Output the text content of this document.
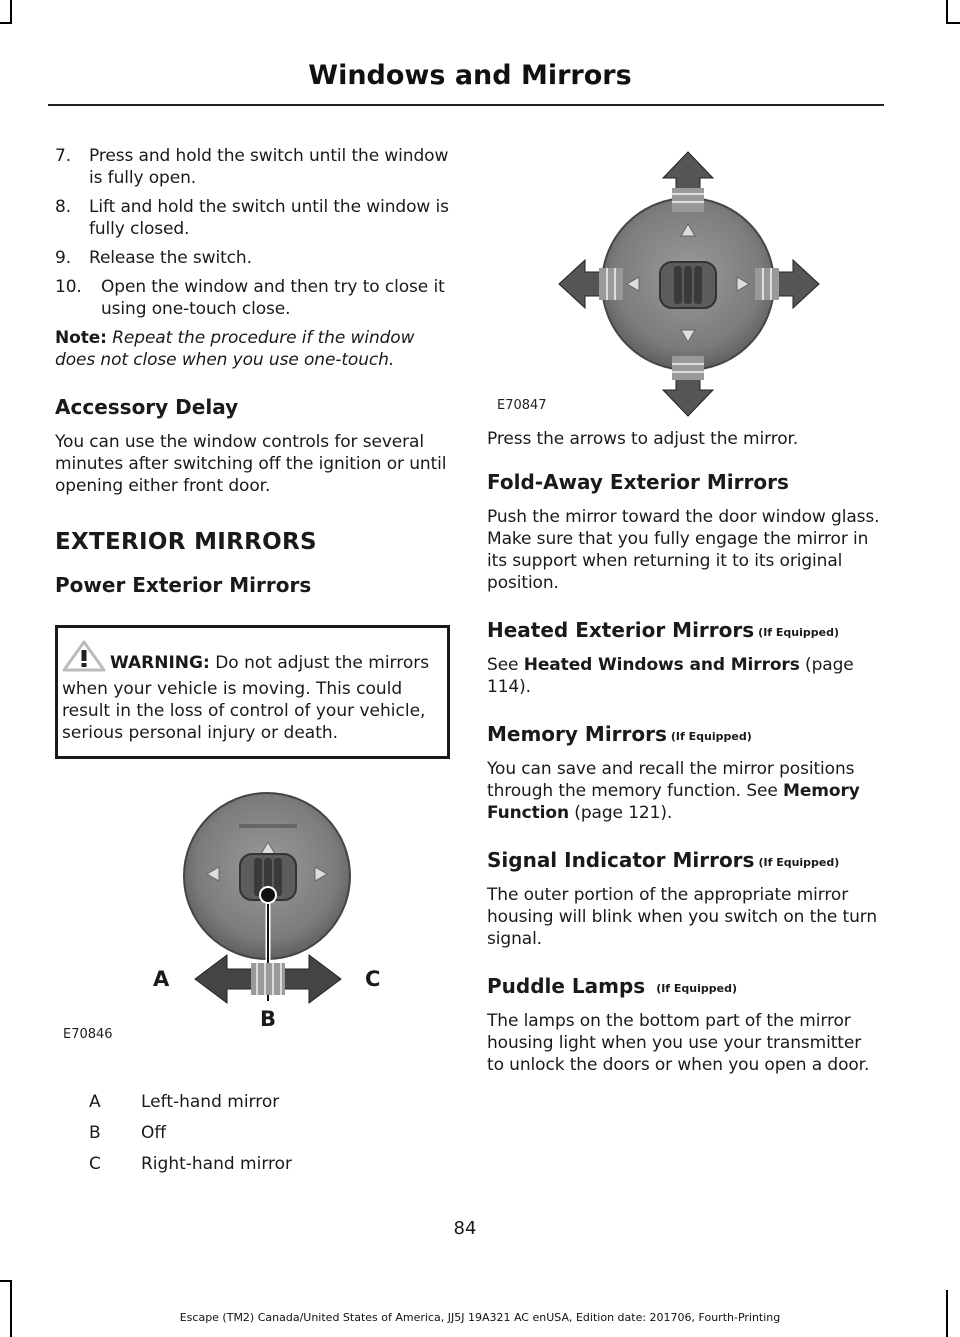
Windows and Mirrors
7. Press and hold the switch until the window is fully open.
8. Lift and hold the switch until the window is fully closed.
9. Release the switch.
10. Open the window and then try to close it using one-touch close.

Note: Repeat the procedure if the window does not close when you use one-touch.

Accessory Delay

You can use the window controls for several minutes after switching off the ignition or until opening either front door.

EXTERIOR MIRRORS
Power Exterior Mirrors
WARNING: Do not adjust the mirrors when your vehicle is moving. This could result in the loss of control of your vehicle, serious personal injury or death.
A
B
C
E70846
A	Left-hand mirror
B	Off
C	Right-hand mirror
E70847

Press the arrows to adjust the mirror.

Fold-Away Exterior Mirrors

Push the mirror toward the door window glass. Make sure that you fully engage the mirror in its support when returning it to its original position.

Heated Exterior Mirrors (If Equipped)

See Heated Windows and Mirrors (page 114).

Memory Mirrors (If Equipped)

You can save and recall the mirror positions through the memory function. See Memory Function (page 121).

Signal Indicator Mirrors (If Equipped)

The outer portion of the appropriate mirror housing will blink when you switch on the turn signal.

Puddle Lamps (If Equipped)

The lamps on the bottom part of the mirror housing light when you use your transmitter to unlock the doors or when you open a door.

84
Escape (TM2) Canada/United States of America, JJ5J 19A321 AC enUSA, Edition date: 201706, Fourth-Printing
